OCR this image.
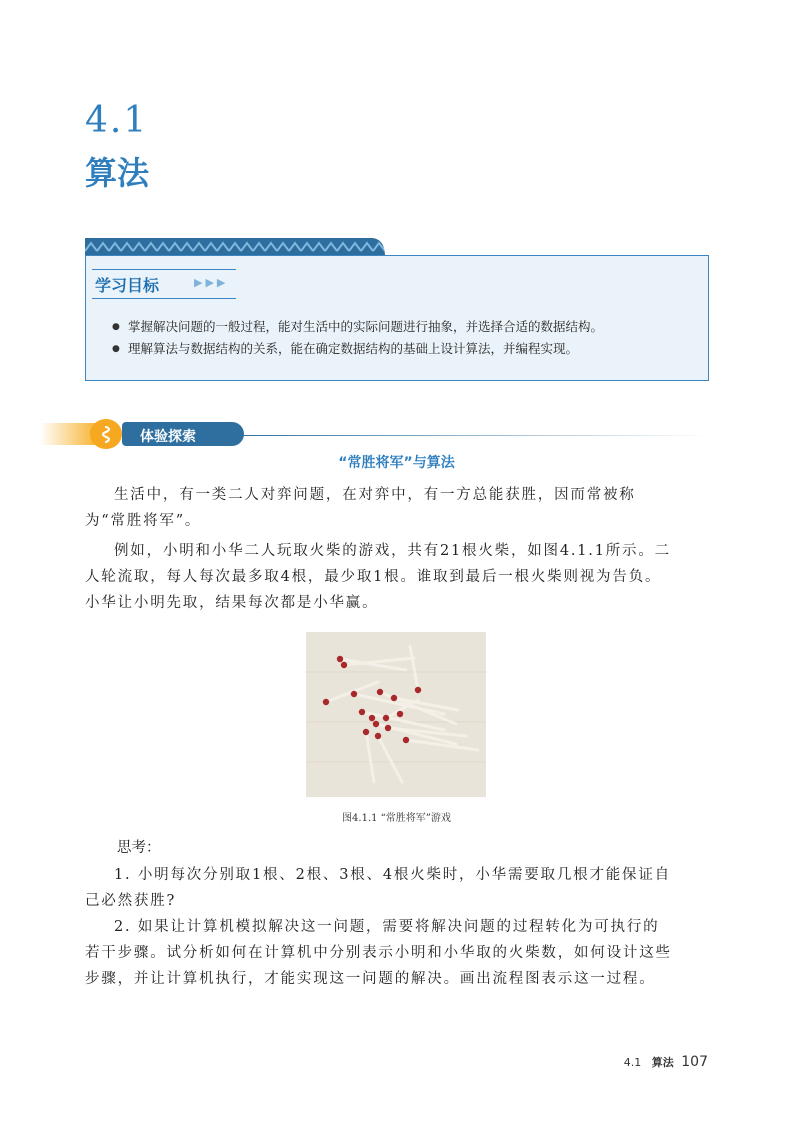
4.1
算法
学习目标	▶▶▶
● 掌握解决问题的一般过程，能对生活中的实际问题进行抽象，并选择合适的数据结构。
● 理解算法与数据结构的关系，能在确定数据结构的基础上设计算法，并编程实现。
体验探索
“常胜将军”与算法

生活中，有一类二人对弈问题，在对弈中，有一方总能获胜，因而常被称为“常胜将军”。

例如，小明和小华二人玩取火柴的游戏，共有21根火柴，如图4.1.1所示。二人轮流取，每人每次最多取4根，最少取1根。谁取到最后一根火柴则视为告负。小华让小明先取，结果每次都是小华赢。

图4.1.1 “常胜将军”游戏
思考：

1. 小明每次分别取1根、2根、3根、4根火柴时，小华需要取几根才能保证自己必然获胜?

2. 如果让计算机模拟解决这一问题，需要将解决问题的过程转化为可执行的若干步骤。试分析如何在计算机中分别表示小明和小华取的火柴数，如何设计这些步骤，并让计算机执行，才能实现这一问题的解决。画出流程图表示这一过程。

4.1 算法 107
